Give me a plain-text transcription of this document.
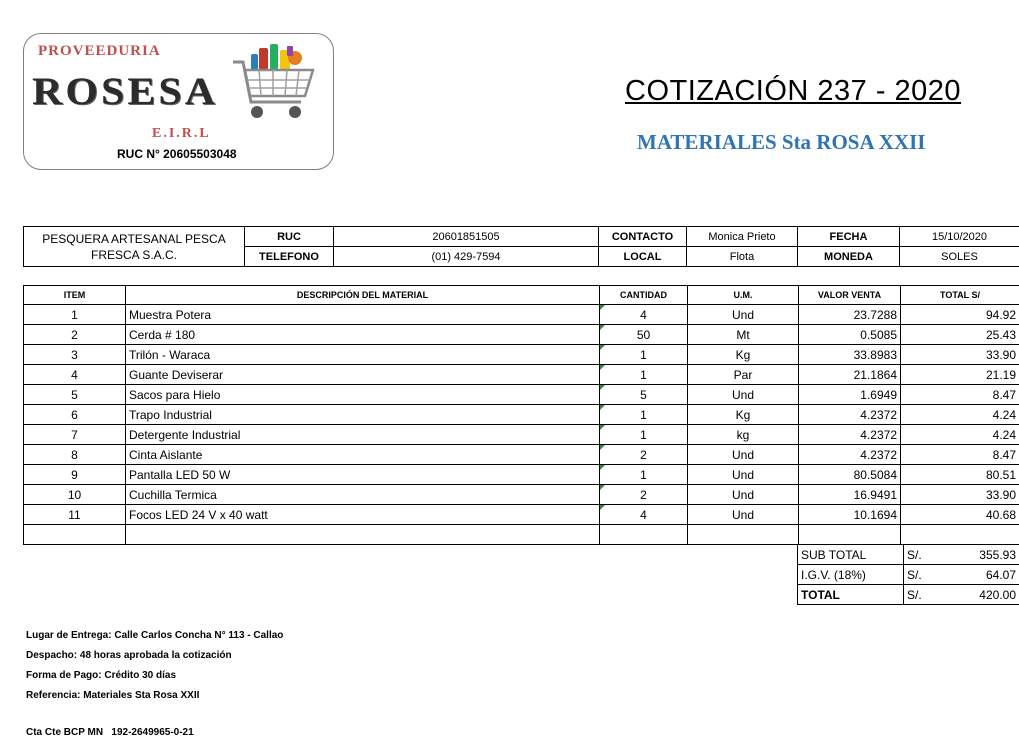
PROVEEDURIA
ROSESA
E.I.R.L
RUC N° 20605503048
COTIZACIÓN 237 - 2020
MATERIALES Sta ROSA XXII
PESQUERA ARTESANAL PESCA FRESCA S.A.C.	RUC	20601851505	CONTACTO	Monica Prieto	FECHA	15/10/2020
	TELEFONO	(01) 429-7594	LOCAL	Flota	MONEDA	SOLES
ITEM	DESCRIPCIÓN DEL MATERIAL	CANTIDAD	U.M.	VALOR VENTA	TOTAL S/
1	Muestra Potera	4	Und	23.7288	94.92
2	Cerda # 180	50	Mt	0.5085	25.43
3	Trilón - Waraca	1	Kg	33.8983	33.90
4	Guante Deviserar	1	Par	21.1864	21.19
5	Sacos para Hielo	5	Und	1.6949	8.47
6	Trapo Industrial	1	Kg	4.2372	4.24
7	Detergente Industrial	1	kg	4.2372	4.24
8	Cinta Aislante	2	Und	4.2372	8.47
9	Pantalla LED 50 W	1	Und	80.5084	80.51
10	Cuchilla Termica	2	Und	16.9491	33.90
11	Focos LED 24 V x 40 watt	4	Und	10.1694	40.68

SUB TOTAL	S/.	355.93
I.G.V. (18%)	S/.	64.07
TOTAL	S/.	420.00
Lugar de Entrega: Calle Carlos Concha N° 113 - Callao
Despacho: 48 horas aprobada la cotización
Forma de Pago: Crédito 30 días
Referencia: Materiales Sta Rosa XXII
Cta Cte BCP MN   192-2649965-0-21
